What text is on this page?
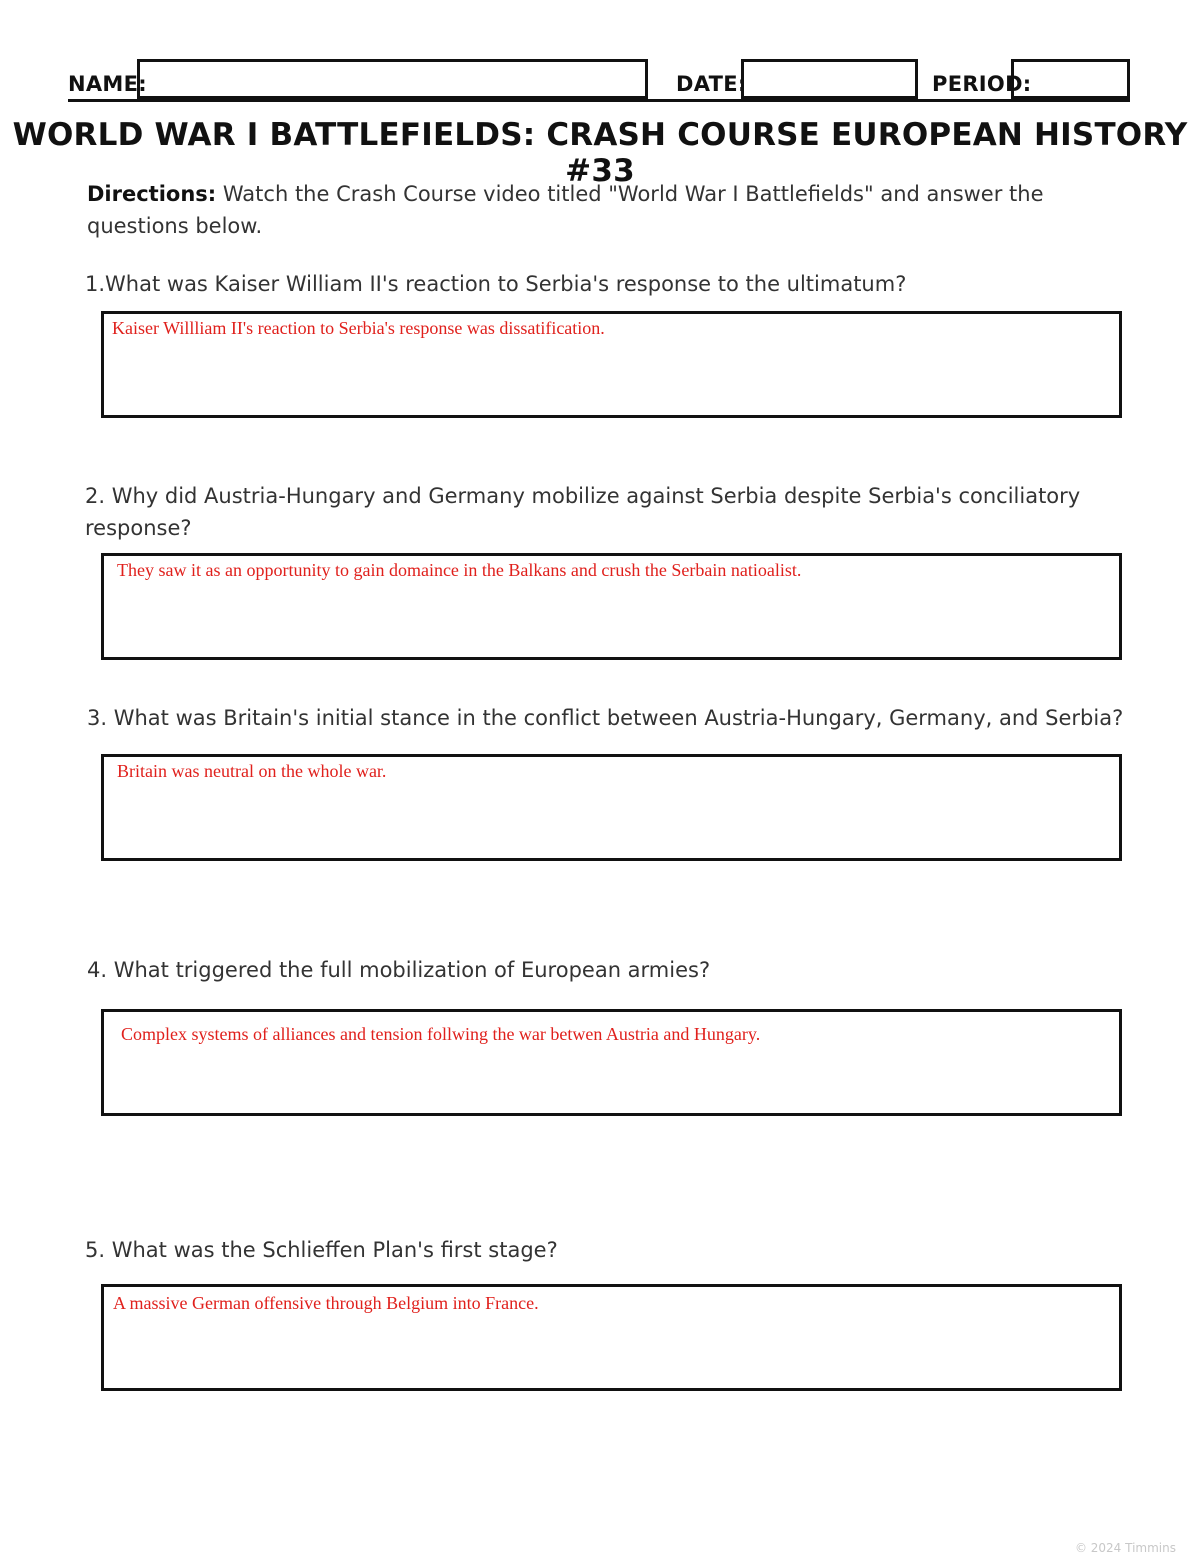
NAME:	DATE:	PERIOD:
WORLD WAR I BATTLEFIELDS: CRASH COURSE EUROPEAN HISTORY #33
Directions: Watch the Crash Course video titled "World War I Battlefields" and answer the questions below.
1.What was Kaiser William II's reaction to Serbia's response to the ultimatum?
Kaiser Willliam II's reaction to Serbia's response was dissatification.
2. Why did Austria-Hungary and Germany mobilize against Serbia despite Serbia's conciliatory response?
They saw it as an opportunity to gain domaince in the Balkans and crush the Serbain natioalist.
3. What was Britain's initial stance in the conflict between Austria-Hungary, Germany, and Serbia?
Britain was neutral on the whole war.
4. What triggered the full mobilization of European armies?
Complex systems of alliances and tension follwing the war betwen Austria and Hungary.
5. What was the Schlieffen Plan's first stage?
A massive German offensive through Belgium into France.
© 2024 Timmins
